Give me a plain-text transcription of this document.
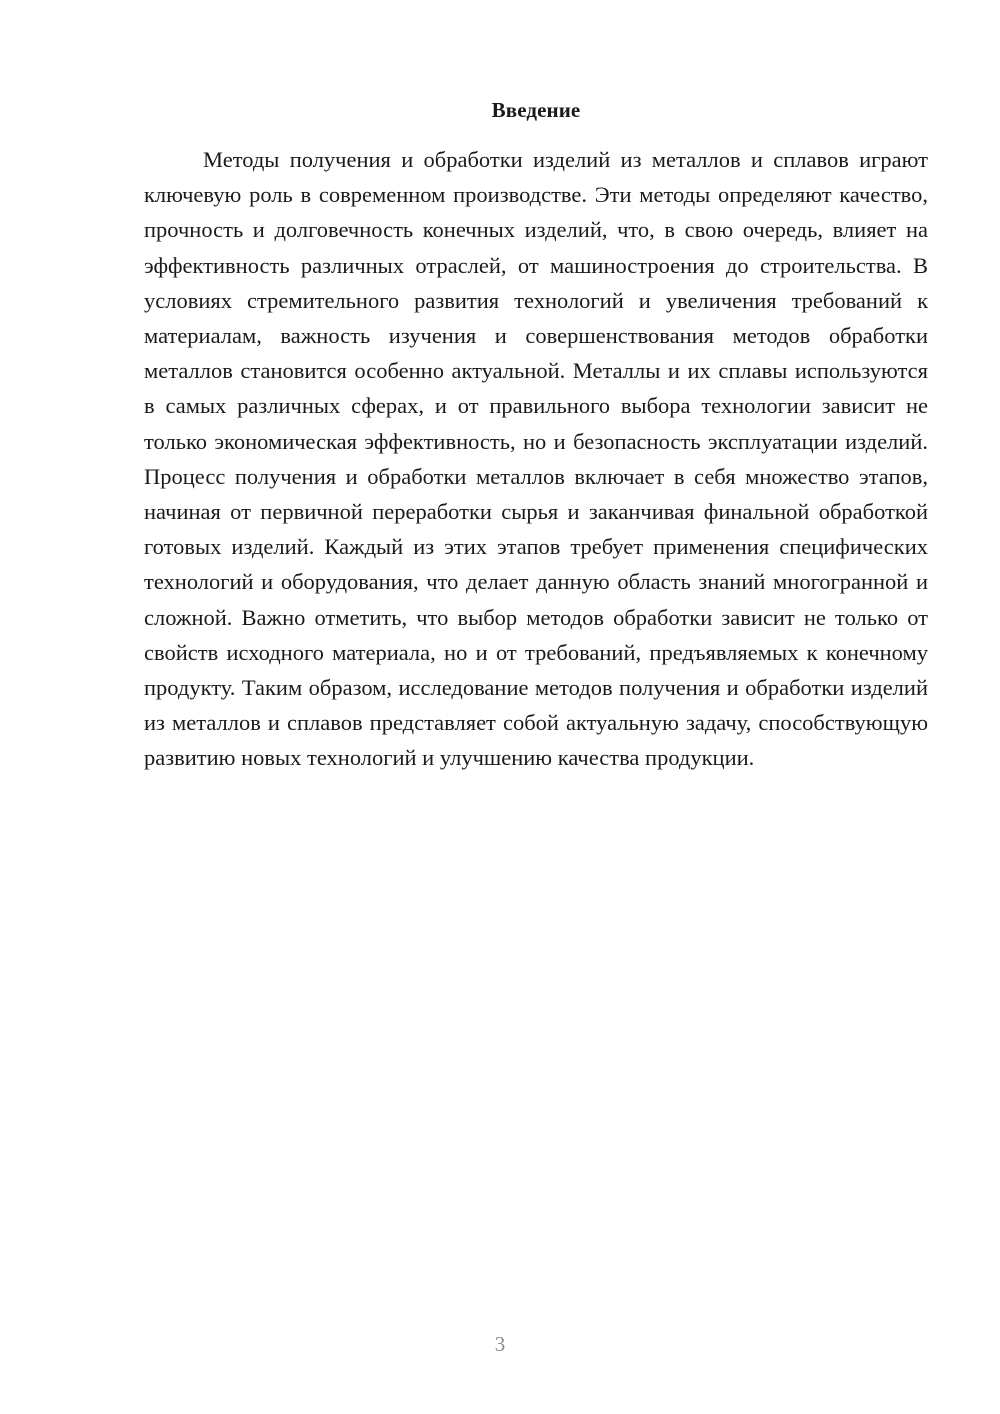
Введение

Методы получения и обработки изделий из металлов и сплавов играют ключевую роль в современном производстве. Эти методы определяют качество, прочность и долговечность конечных изделий, что, в свою очередь, влияет на эффективность различных отраслей, от машиностроения до строительства. В условиях стремительного развития технологий и увеличения требований к материалам, важность изучения и совершенствования методов обработки металлов становится особенно актуальной. Металлы и их сплавы используются в самых различных сферах, и от правильного выбора технологии зависит не только экономическая эффективность, но и безопасность эксплуатации изделий. Процесс получения и обработки металлов включает в себя множество этапов, начиная от первичной переработки сырья и заканчивая финальной обработкой готовых изделий. Каждый из этих этапов требует применения специфических технологий и оборудования, что делает данную область знаний многогранной и сложной. Важно отметить, что выбор методов обработки зависит не только от свойств исходного материала, но и от требований, предъявляемых к конечному продукту. Таким образом, исследование методов получения и обработки изделий из металлов и сплавов представляет собой актуальную задачу, способствующую развитию новых технологий и улучшению качества продукции.

3
